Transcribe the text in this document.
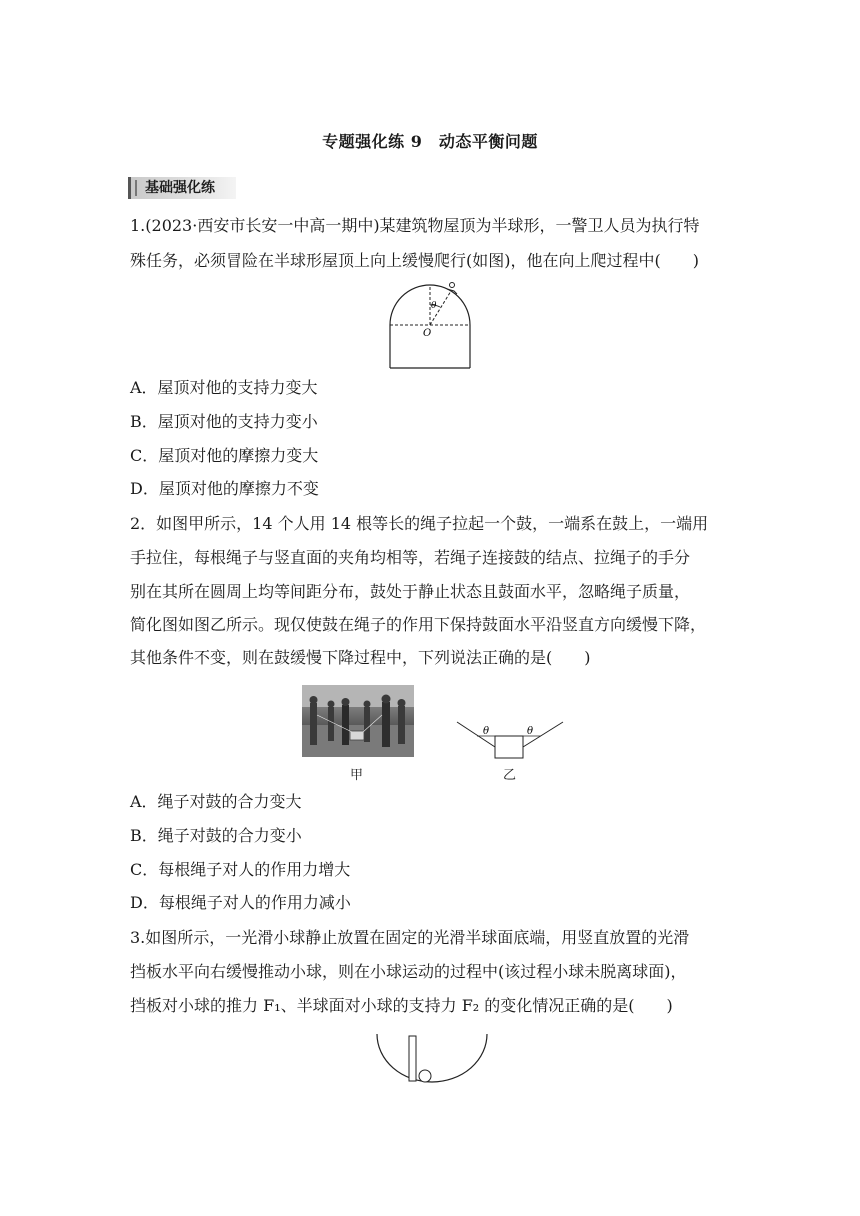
专题强化练 9　动态平衡问题
基础强化练
1.(2023·西安市长安一中高一期中)某建筑物屋顶为半球形，一警卫人员为执行特
殊任务，必须冒险在半球形屋顶上向上缓慢爬行(如图)，他在向上爬过程中(　　)
θ
O
A．屋顶对他的支持力变大
B．屋顶对他的支持力变小
C．屋顶对他的摩擦力变大
D．屋顶对他的摩擦力不变
2．如图甲所示，14 个人用 14 根等长的绳子拉起一个鼓，一端系在鼓上，一端用
手拉住，每根绳子与竖直面的夹角均相等，若绳子连接鼓的结点、拉绳子的手分
别在其所在圆周上均等间距分布，鼓处于静止状态且鼓面水平，忽略绳子质量，
简化图如图乙所示。现仅使鼓在绳子的作用下保持鼓面水平沿竖直方向缓慢下降，
其他条件不变，则在鼓缓慢下降过程中，下列说法正确的是(　　)
甲
θ	θ
乙
A．绳子对鼓的合力变大
B．绳子对鼓的合力变小
C．每根绳子对人的作用力增大
D．每根绳子对人的作用力减小
3.如图所示，一光滑小球静止放置在固定的光滑半球面底端，用竖直放置的光滑
挡板水平向右缓慢推动小球，则在小球运动的过程中(该过程小球未脱离球面)，
挡板对小球的推力 F₁、半球面对小球的支持力 F₂ 的变化情况正确的是(　　)
